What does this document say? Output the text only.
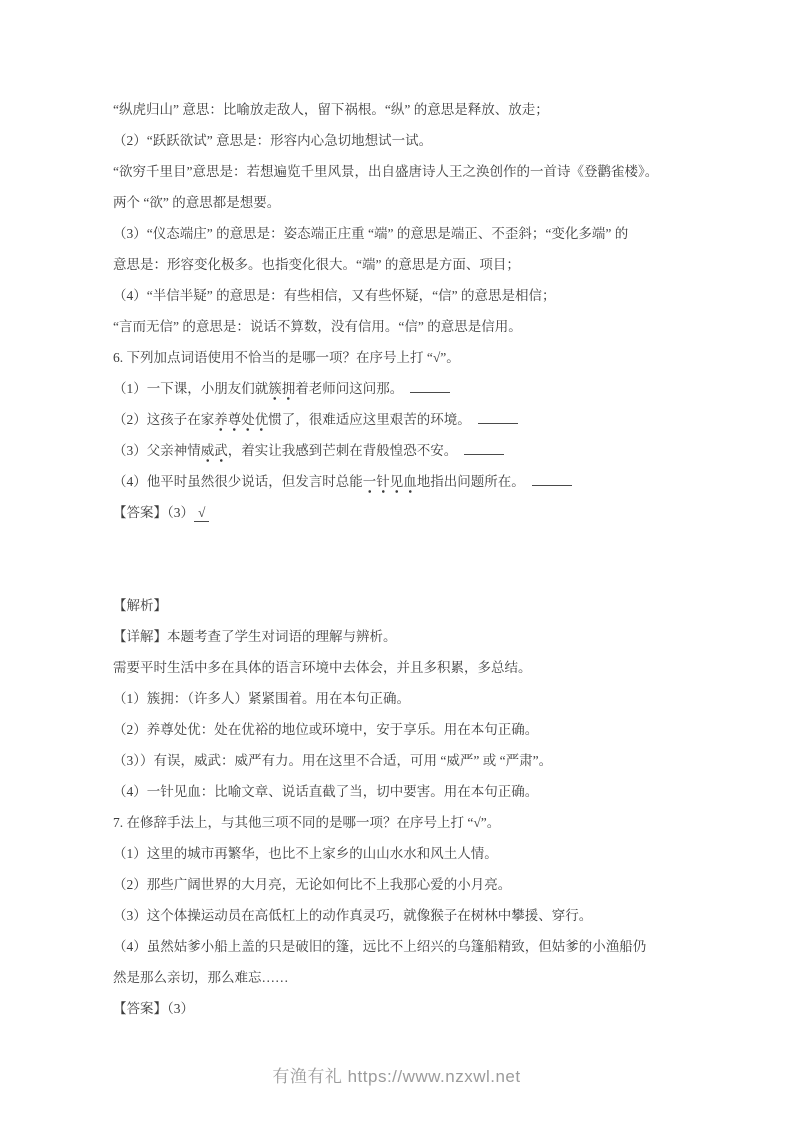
“纵虎归山” 意思：比喻放走敌人，留下祸根。“纵” 的意思是释放、放走；

（2）“跃跃欲试” 意思是：形容内心急切地想试一试。

“欲穷千里目”意思是：若想遍览千里风景，出自盛唐诗人王之涣创作的一首诗《登鹳雀楼》。

两个 “欲” 的意思都是想要。

（3）“仪态端庄” 的意思是：姿态端正庄重 “端” 的意思是端正、不歪斜；“变化多端” 的

意思是：形容变化极多。也指变化很大。“端” 的意思是方面、项目；

（4）“半信半疑” 的意思是：有些相信，又有些怀疑，“信” 的意思是相信；

“言而无信” 的意思是：说话不算数，没有信用。“信” 的意思是信用。

6. 下列加点词语使用不恰当的是哪一项？在序号上打 “√”。

（1）一下课，小朋友们就簇拥着老师问这问那。

（2）这孩子在家养尊处优惯了，很难适应这里艰苦的环境。

（3）父亲神情威武，着实让我感到芒刺在背般惶恐不安。

（4）他平时虽然很少说话，但发言时总能一针见血地指出问题所在。

【答案】（3） √

【解析】

【详解】本题考查了学生对词语的理解与辨析。

需要平时生活中多在具体的语言环境中去体会，并且多积累，多总结。

（1）簇拥：（许多人）紧紧围着。用在本句正确。

（2）养尊处优：处在优裕的地位或环境中，安于享乐。用在本句正确。

（3））有误，威武：威严有力。用在这里不合适，可用 “威严” 或 “严肃”。

（4）一针见血：比喻文章、说话直截了当，切中要害。用在本句正确。

7. 在修辞手法上，与其他三项不同的是哪一项？在序号上打 “√”。

（1）这里的城市再繁华，也比不上家乡的山山水水和风土人情。

（2）那些广阔世界的大月亮，无论如何比不上我那心爱的小月亮。

（3）这个体操运动员在高低杠上的动作真灵巧，就像猴子在树林中攀援、穿行。

（4）虽然姑爹小船上盖的只是破旧的篷，远比不上绍兴的乌篷船精致，但姑爹的小渔船仍

然是那么亲切，那么难忘……

【答案】（3）

有渔有礼 https://www.nzxwl.net
